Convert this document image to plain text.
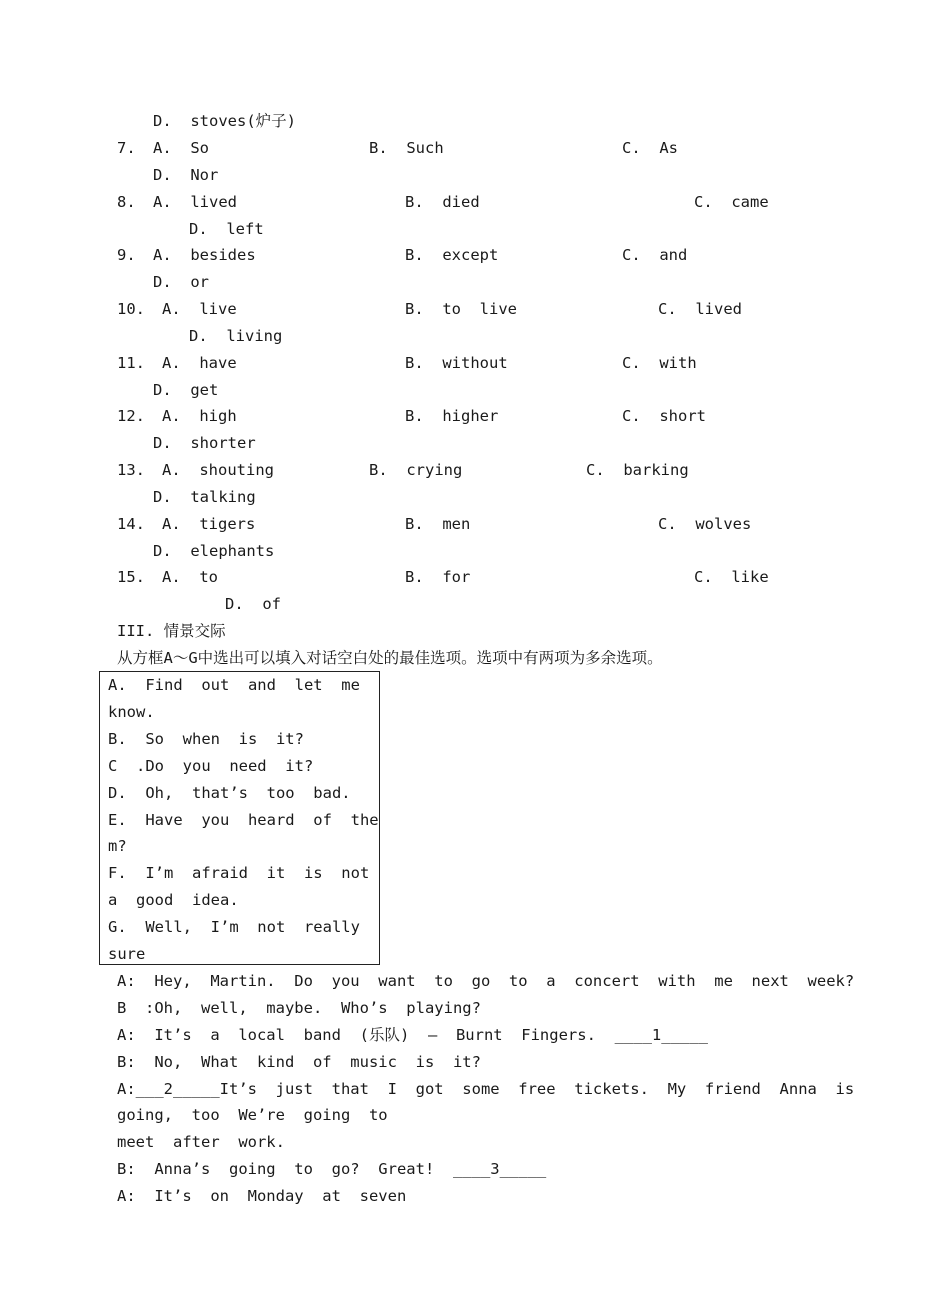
D.  stoves(炉子)
7. A.  So	B.  Such	C.  As
D.  Nor
8. A.  lived	B.  died	C.  came
D.  left
9. A.  besides	B.  except	C.  and
D.  or
10. A.  live	B.  to  live	C.  lived
D.  living
11. A.  have	B.  without	C.  with
D.  get
12. A.  high	B.  higher	C.  short
D.  shorter
13. A.  shouting	B.  crying	C.  barking
D.  talking
14. A.  tigers	B.  men	C.  wolves
D.  elephants
15. A.  to	B.  for	C.  like
D.  of
III. 情景交际
从方框A～G中选出可以填入对话空白处的最佳选项。选项中有两项为多余选项。
A.  Find  out  and  let  me
know.
B.  So  when  is  it?
C  .Do  you  need  it?
D.  Oh,  that’s  too  bad.
E.  Have  you  heard  of  the
m?
F.  I’m  afraid  it  is  not
a  good  idea.
G.  Well,  I’m  not  really
sure
A:  Hey,  Martin.  Do  you  want  to  go  to  a  concert  with  me  next  week?
B  :Oh,  well,  maybe.  Who’s  playing?
A:  It’s  a  local  band  (乐队)  —  Burnt  Fingers.  ____1_____
B:  No,  What  kind  of  music  is  it?
A:___2_____It’s  just  that  I  got  some  free  tickets.  My  friend  Anna  is
going,  too  We’re  going  to
meet  after  work.
B:  Anna’s  going  to  go?  Great!  ____3_____
A:  It’s  on  Monday  at  seven
